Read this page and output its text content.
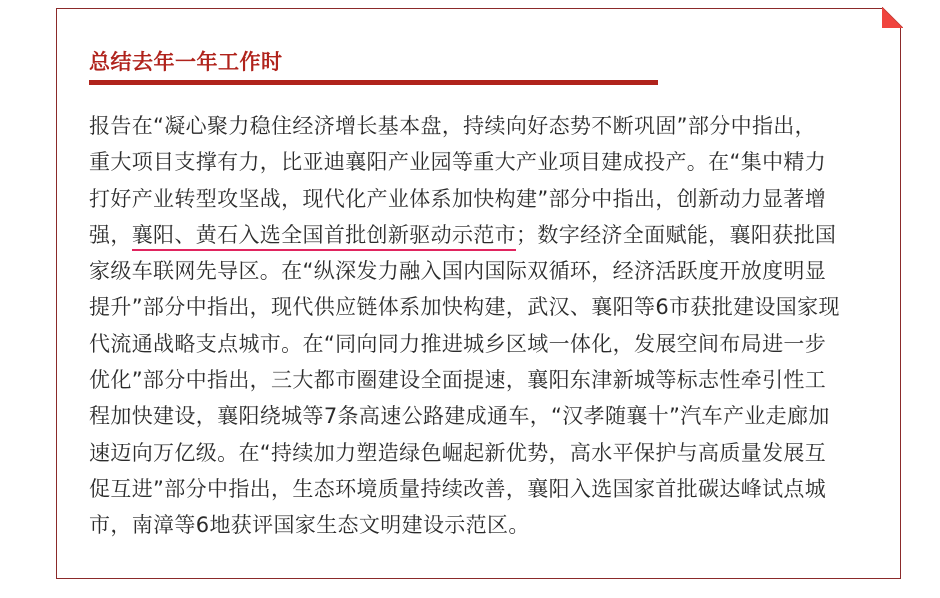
总结去年一年工作时
报告在“凝心聚力稳住经济增长基本盘，持续向好态势不断巩固”部分中指出，
重大项目支撑有力，比亚迪襄阳产业园等重大产业项目建成投产。在“集中精力
打好产业转型攻坚战，现代化产业体系加快构建”部分中指出，创新动力显著增
强，襄阳、黄石入选全国首批创新驱动示范市；数字经济全面赋能，襄阳获批国
家级车联网先导区。在“纵深发力融入国内国际双循环，经济活跃度开放度明显
提升”部分中指出，现代供应链体系加快构建，武汉、襄阳等6市获批建设国家现
代流通战略支点城市。在“同向同力推进城乡区域一体化，发展空间布局进一步
优化”部分中指出，三大都市圈建设全面提速，襄阳东津新城等标志性牵引性工
程加快建设，襄阳绕城等7条高速公路建成通车，“汉孝随襄十”汽车产业走廊加
速迈向万亿级。在“持续加力塑造绿色崛起新优势，高水平保护与高质量发展互
促互进”部分中指出，生态环境质量持续改善，襄阳入选国家首批碳达峰试点城
市，南漳等6地获评国家生态文明建设示范区。
